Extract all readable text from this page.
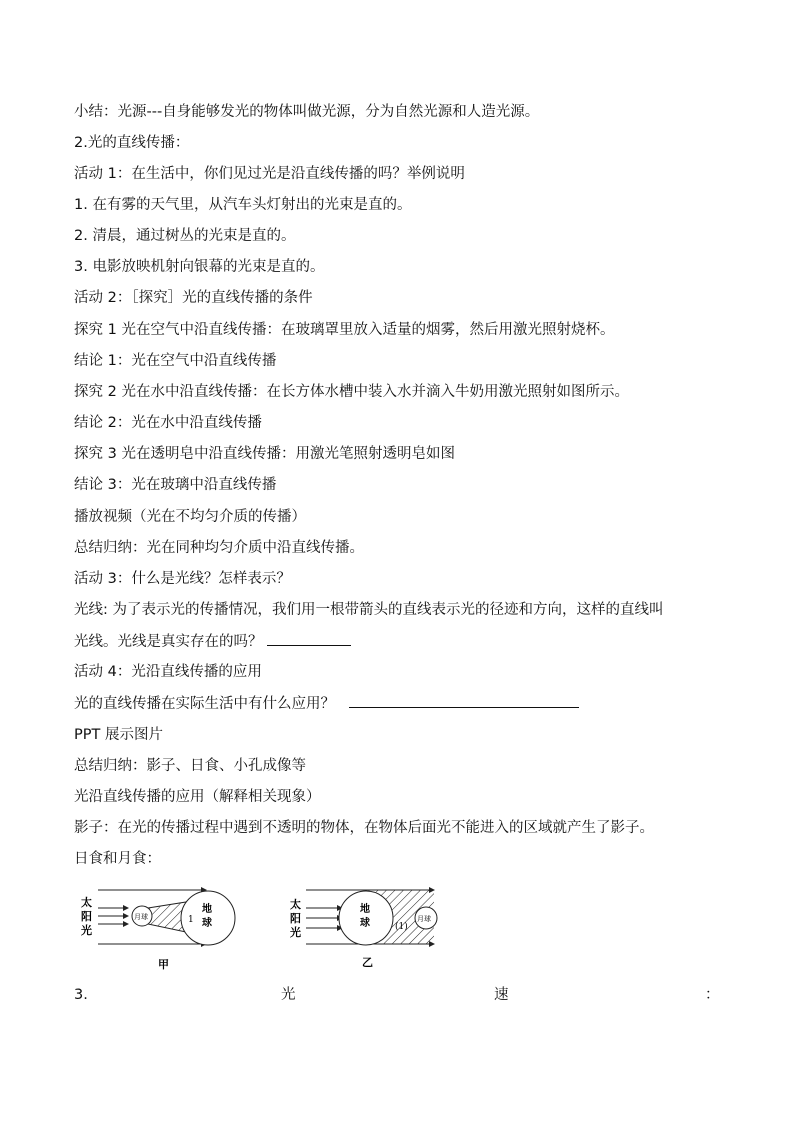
小结：光源---自身能够发光的物体叫做光源，分为自然光源和人造光源。
2.光的直线传播：
活动 1：在生活中，你们见过光是沿直线传播的吗？举例说明
1. 在有雾的天气里，从汽车头灯射出的光束是直的。
2. 清晨，通过树丛的光束是直的。
3. 电影放映机射向银幕的光束是直的。
活动 2：［探究］光的直线传播的条件
探究 1 光在空气中沿直线传播：在玻璃罩里放入适量的烟雾，然后用激光照射烧杯。
结论 1：光在空气中沿直线传播
探究 2 光在水中沿直线传播：在长方体水槽中装入水并滴入牛奶用激光照射如图所示。
结论 2：光在水中沿直线传播
探究 3 光在透明皂中沿直线传播：用激光笔照射透明皂如图
结论 3：光在玻璃中沿直线传播
播放视频（光在不均匀介质的传播）
总结归纳：光在同种均匀介质中沿直线传播。
活动 3：什么是光线？怎样表示？
光线: 为了表示光的传播情况，我们用一根带箭头的直线表示光的径迹和方向，这样的直线叫
光线。光线是真实存在的吗？
活动 4：光沿直线传播的应用
光的直线传播在实际生活中有什么应用？
PPT 展示图片
总结归纳：影子、日食、小孔成像等
光沿直线传播的应用（解释相关现象）
影子：在光的传播过程中遇到不透明的物体，在物体后面光不能进入的区域就产生了影子。
日食和月食：
太
阳
光
月球
地
球
1
甲
太
阳
光
地
球	月球
(1)
乙
3.	光	速	：
